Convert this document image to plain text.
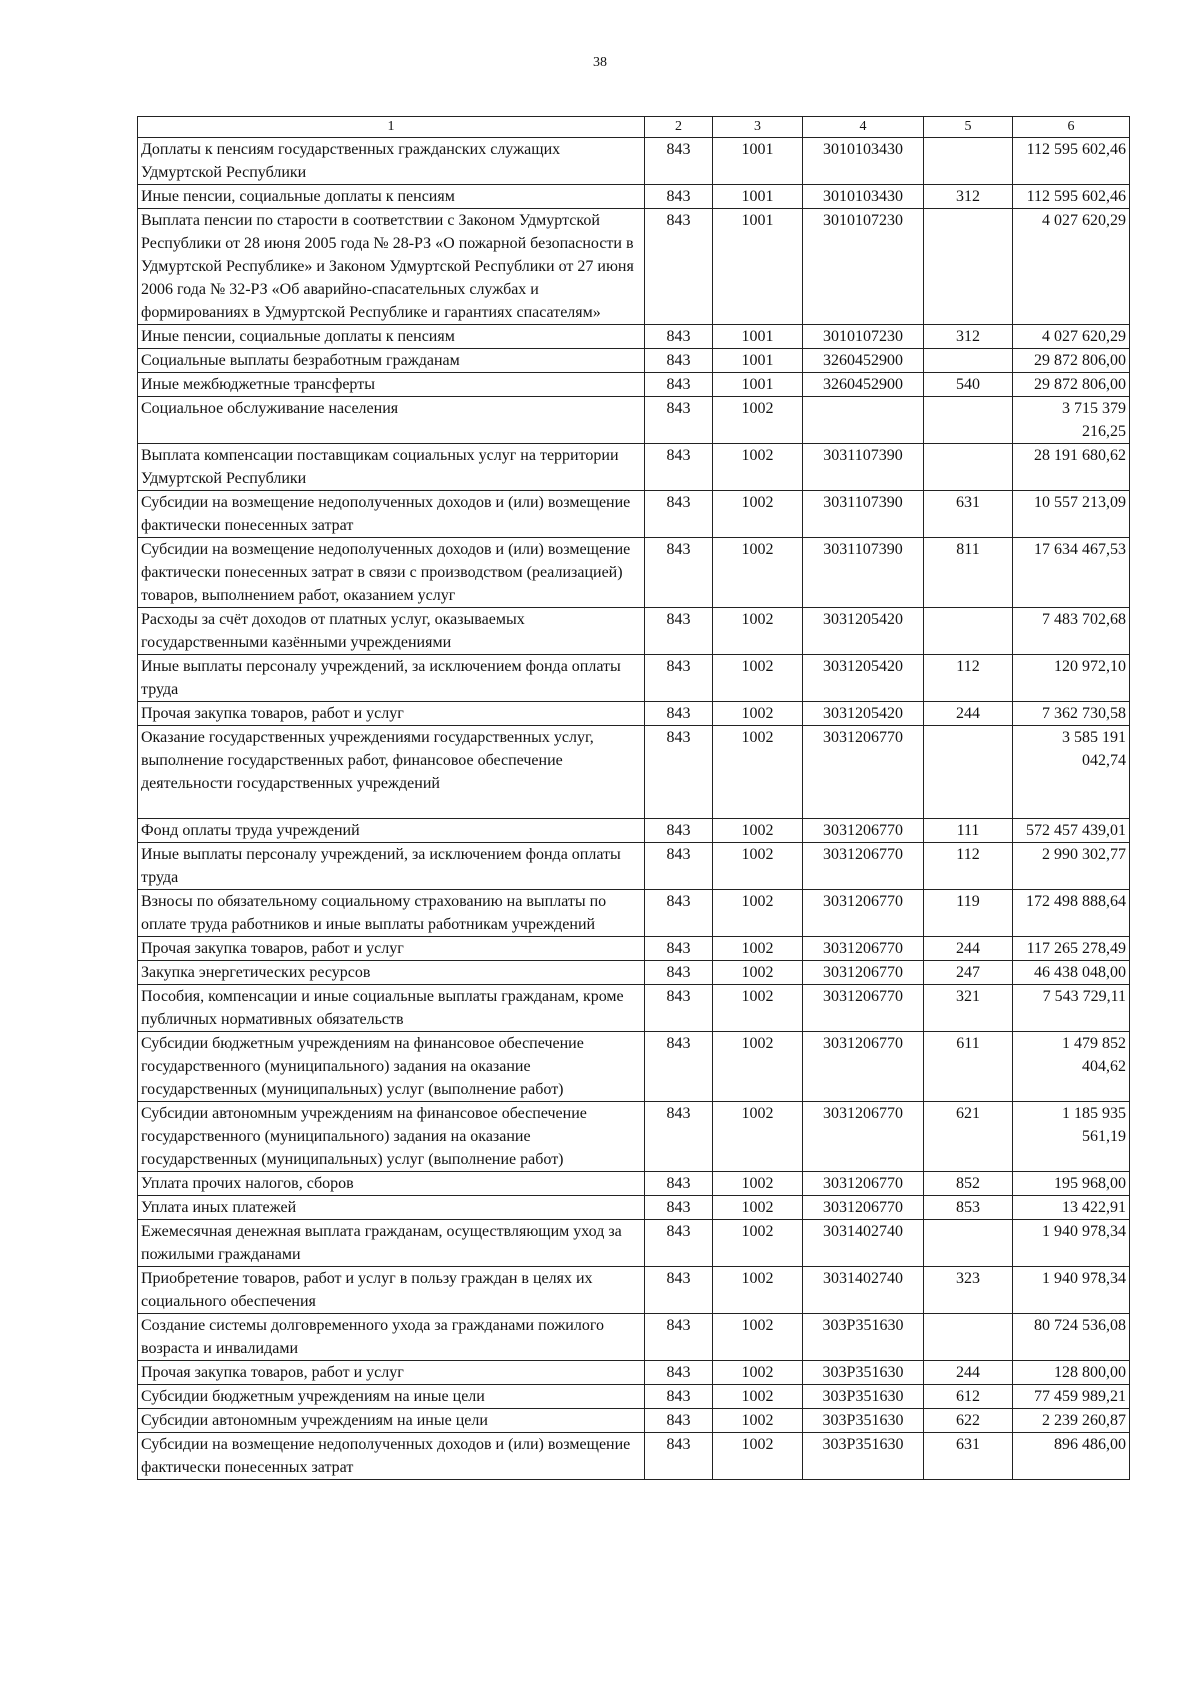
38
1	2	3	4	5	6
Доплаты к пенсиям государственных гражданских служащих Удмуртской Республики	843	1001	3010103430		112 595 602,46
Иные пенсии, социальные доплаты к пенсиям	843	1001	3010103430	312	112 595 602,46
Выплата пенсии по старости в соответствии с Законом Удмуртской Республики от 28 июня 2005 года № 28-РЗ «О пожарной безопасности в Удмуртской Республике» и Законом Удмуртской Республики от 27 июня 2006 года № 32-РЗ «Об аварийно-спасательных службах и формированиях в Удмуртской Республике и гарантиях спасателям»	843	1001	3010107230		4 027 620,29
Иные пенсии, социальные доплаты к пенсиям	843	1001	3010107230	312	4 027 620,29
Социальные выплаты безработным гражданам	843	1001	3260452900		29 872 806,00
Иные межбюджетные трансферты	843	1001	3260452900	540	29 872 806,00
Социальное обслуживание населения	843	1002			3 715 379 216,25
Выплата компенсации поставщикам социальных услуг на территории Удмуртской Республики	843	1002	3031107390		28 191 680,62
Субсидии на возмещение недополученных доходов и (или) возмещение фактически понесенных затрат	843	1002	3031107390	631	10 557 213,09
Субсидии на возмещение недополученных доходов и (или) возмещение фактически понесенных затрат в связи с производством (реализацией) товаров, выполнением работ, оказанием услуг	843	1002	3031107390	811	17 634 467,53
Расходы за счёт доходов от платных услуг, оказываемых государственными казёнными учреждениями	843	1002	3031205420		7 483 702,68
Иные выплаты персоналу учреждений, за исключением фонда оплаты труда	843	1002	3031205420	112	120 972,10
Прочая закупка товаров, работ и услуг	843	1002	3031205420	244	7 362 730,58
Оказание государственных учреждениями государственных услуг, выполнение государственных работ, финансовое обеспечение деятельности государственных учреждений	843	1002	3031206770		3 585 191 042,74
Фонд оплаты труда учреждений	843	1002	3031206770	111	572 457 439,01
Иные выплаты персоналу учреждений, за исключением фонда оплаты труда	843	1002	3031206770	112	2 990 302,77
Взносы по обязательному социальному страхованию на выплаты по оплате труда работников и иные выплаты работникам учреждений	843	1002	3031206770	119	172 498 888,64
Прочая закупка товаров, работ и услуг	843	1002	3031206770	244	117 265 278,49
Закупка энергетических ресурсов	843	1002	3031206770	247	46 438 048,00
Пособия, компенсации и иные социальные выплаты гражданам, кроме публичных нормативных обязательств	843	1002	3031206770	321	7 543 729,11
Субсидии бюджетным учреждениям на финансовое обеспечение государственного (муниципального) задания на оказание государственных (муниципальных) услуг (выполнение работ)	843	1002	3031206770	611	1 479 852 404,62
Субсидии автономным учреждениям на финансовое обеспечение государственного (муниципального) задания на оказание государственных (муниципальных) услуг (выполнение работ)	843	1002	3031206770	621	1 185 935 561,19
Уплата прочих налогов, сборов	843	1002	3031206770	852	195 968,00
Уплата иных платежей	843	1002	3031206770	853	13 422,91
Ежемесячная денежная выплата гражданам, осуществляющим уход за пожилыми гражданами	843	1002	3031402740		1 940 978,34
Приобретение товаров, работ и услуг в пользу граждан в целях их социального обеспечения	843	1002	3031402740	323	1 940 978,34
Создание системы долговременного ухода за гражданами пожилого возраста и инвалидами	843	1002	303P351630		80 724 536,08
Прочая закупка товаров, работ и услуг	843	1002	303P351630	244	128 800,00
Субсидии бюджетным учреждениям на иные цели	843	1002	303P351630	612	77 459 989,21
Субсидии автономным учреждениям на иные цели	843	1002	303P351630	622	2 239 260,87
Субсидии на возмещение недополученных доходов и (или) возмещение фактически понесенных затрат	843	1002	303P351630	631	896 486,00
